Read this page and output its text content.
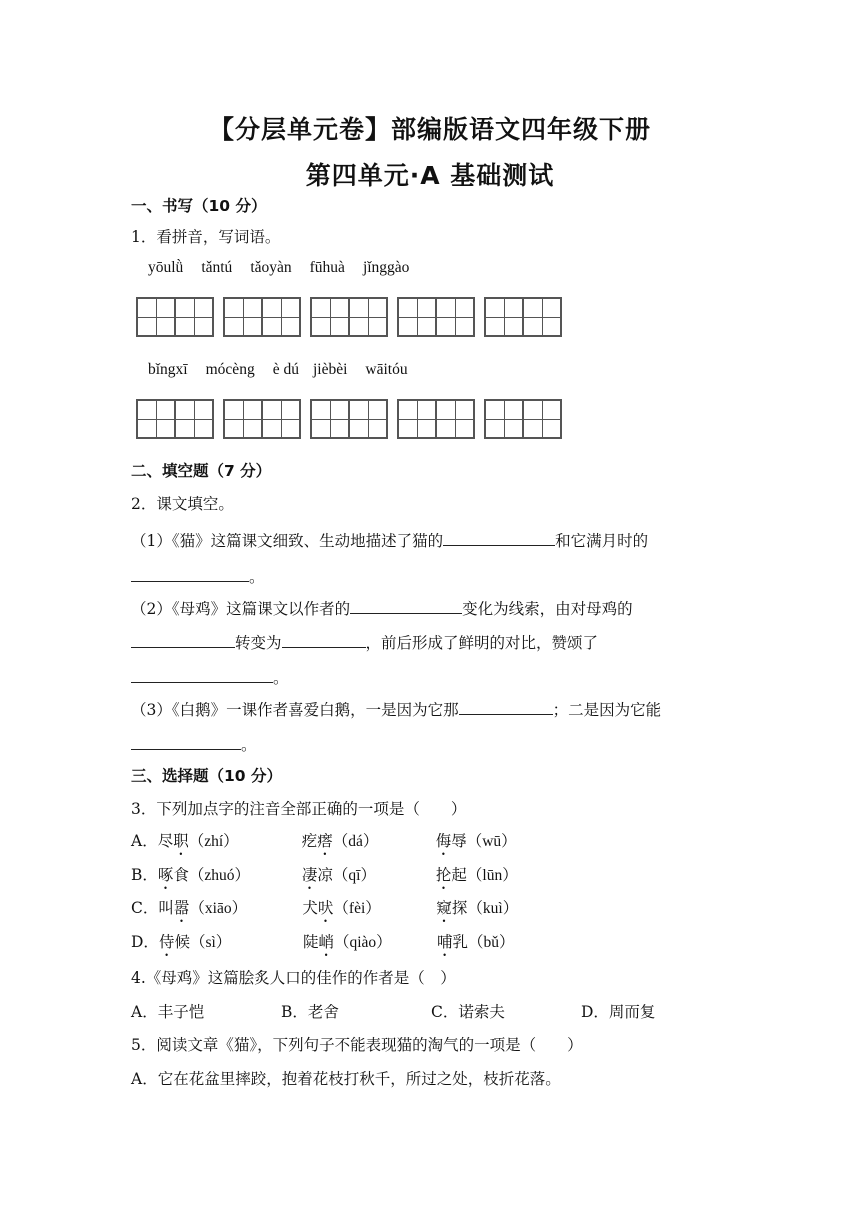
【分层单元卷】部编版语文四年级下册
第四单元·A 基础测试
一、书写（10 分）
1．看拼音，写词语。
yōulǜ tǎntú tǎoyàn fūhuà jǐnggào
bǐngxī mócèng è dú jièbèi wāitóu
二、填空题（7 分）
2．课文填空。
（1）《猫》这篇课文细致、生动地描述了猫的	和它满月时的
。
（2）《母鸡》这篇课文以作者的	变化为线索，由对母鸡的
转变为	，前后形成了鲜明的对比，赞颂了
。
（3）《白鹅》一课作者喜爱白鹅，一是因为它那	；二是因为它能
。
三、选择题（10 分）
3．下列加点字的注音全部正确的一项是（　　）
A． 尽职（zhí）	疙瘩（dá）	侮辱（wū）
B． 啄食（zhuó）	凄凉（qī）	抡起（lūn）
C． 叫嚣（xiāo）	犬吠（fèi）	窥探（kuì）
D． 侍候（sì）	陡峭（qiào）	哺乳（bǔ）
4.《母鸡》这篇脍炙人口的佳作的作者是（　）
A．丰子恺	B．老舍	C．诺索夫	D．周而复
5．阅读文章《猫》，下列句子不能表现猫的淘气的一项是（　　）
A．它在花盆里摔跤，抱着花枝打秋千，所过之处，枝折花落。
